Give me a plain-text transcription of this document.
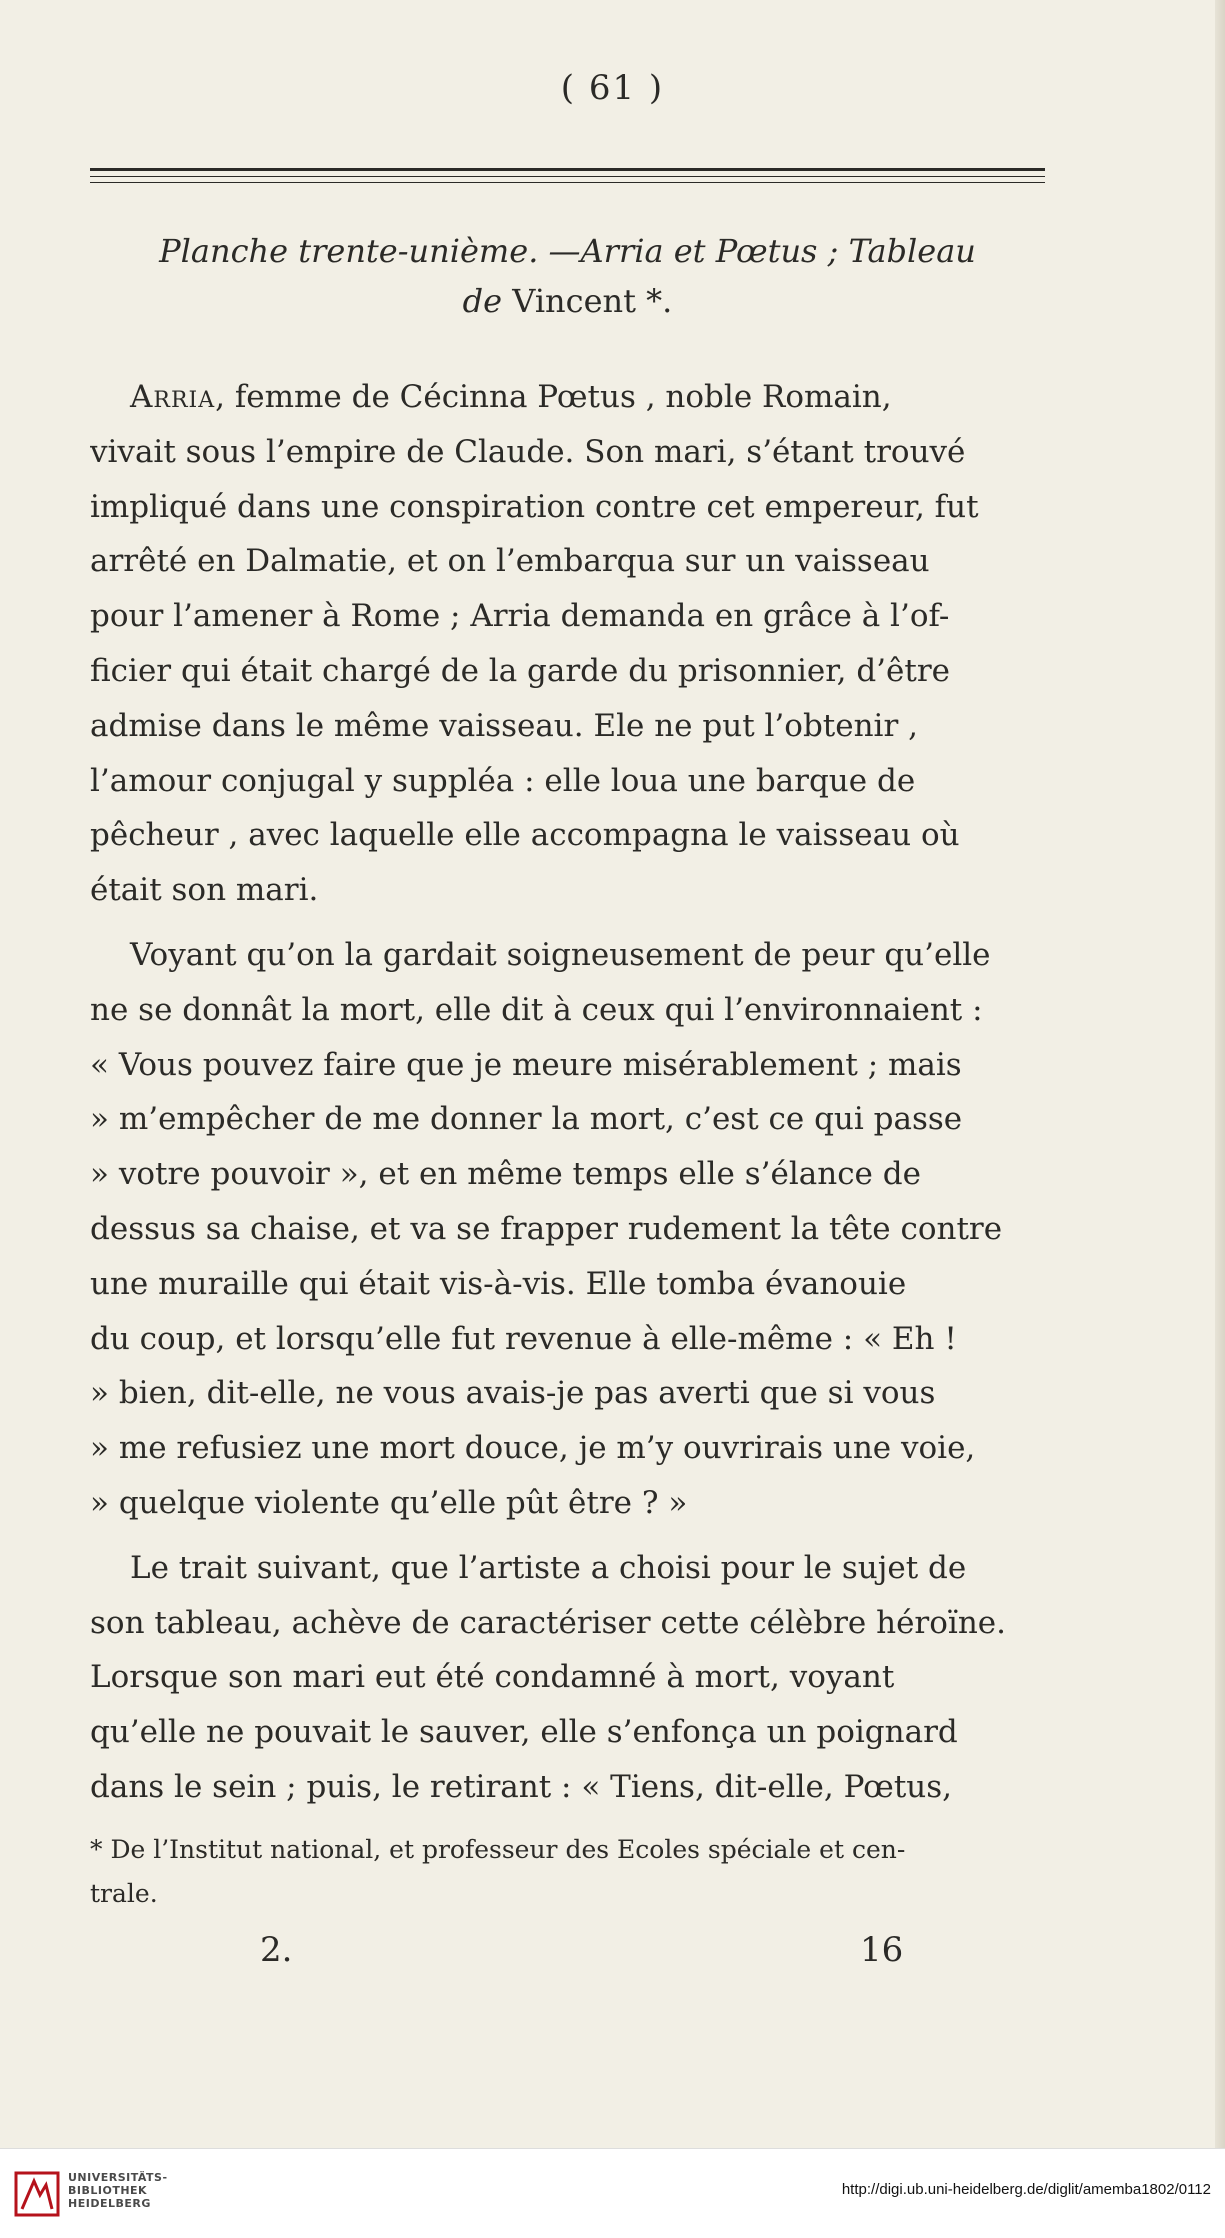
( 61 )
Planche trente-unième. —Arria et Pœtus ; Tableau
de Vincent *.

Arria, femme de Cécinna Pœtus , noble Romain,
vivait sous l’empire de Claude. Son mari, s’étant trouvé
impliqué dans une conspiration contre cet empereur, fut
arrêté en Dalmatie, et on l’embarqua sur un vaisseau
pour l’amener à Rome ; Arria demanda en grâce à l’of-
ficier qui était chargé de la garde du prisonnier, d’être
admise dans le même vaisseau. Ele ne put l’obtenir ,
l’amour conjugal y suppléa : elle loua une barque de
pêcheur , avec laquelle elle accompagna le vaisseau où
était son mari.

Voyant qu’on la gardait soigneusement de peur qu’elle
ne se donnât la mort, elle dit à ceux qui l’environnaient :
« Vous pouvez faire que je meure misérablement ; mais
» m’empêcher de me donner la mort, c’est ce qui passe
» votre pouvoir », et en même temps elle s’élance de
dessus sa chaise, et va se frapper rudement la tête contre
une muraille qui était vis-à-vis. Elle tomba évanouie
du coup, et lorsqu’elle fut revenue à elle-même : « Eh !
» bien, dit-elle, ne vous avais-je pas averti que si vous
» me refusiez une mort douce, je m’y ouvrirais une voie,
» quelque violente qu’elle pût être ? »

Le trait suivant, que l’artiste a choisi pour le sujet de
son tableau, achève de caractériser cette célèbre héroïne.
Lorsque son mari eut été condamné à mort, voyant
qu’elle ne pouvait le sauver, elle s’enfonça un poignard
dans le sein ; puis, le retirant : « Tiens, dit-elle, Pœtus,

* De l’Institut national, et professeur des Ecoles spéciale et cen-
trale.
2.	16
UNIVERSITÄTS-
BIBLIOTHEK
HEIDELBERG
http://digi.ub.uni-heidelberg.de/diglit/amemba1802/0112
